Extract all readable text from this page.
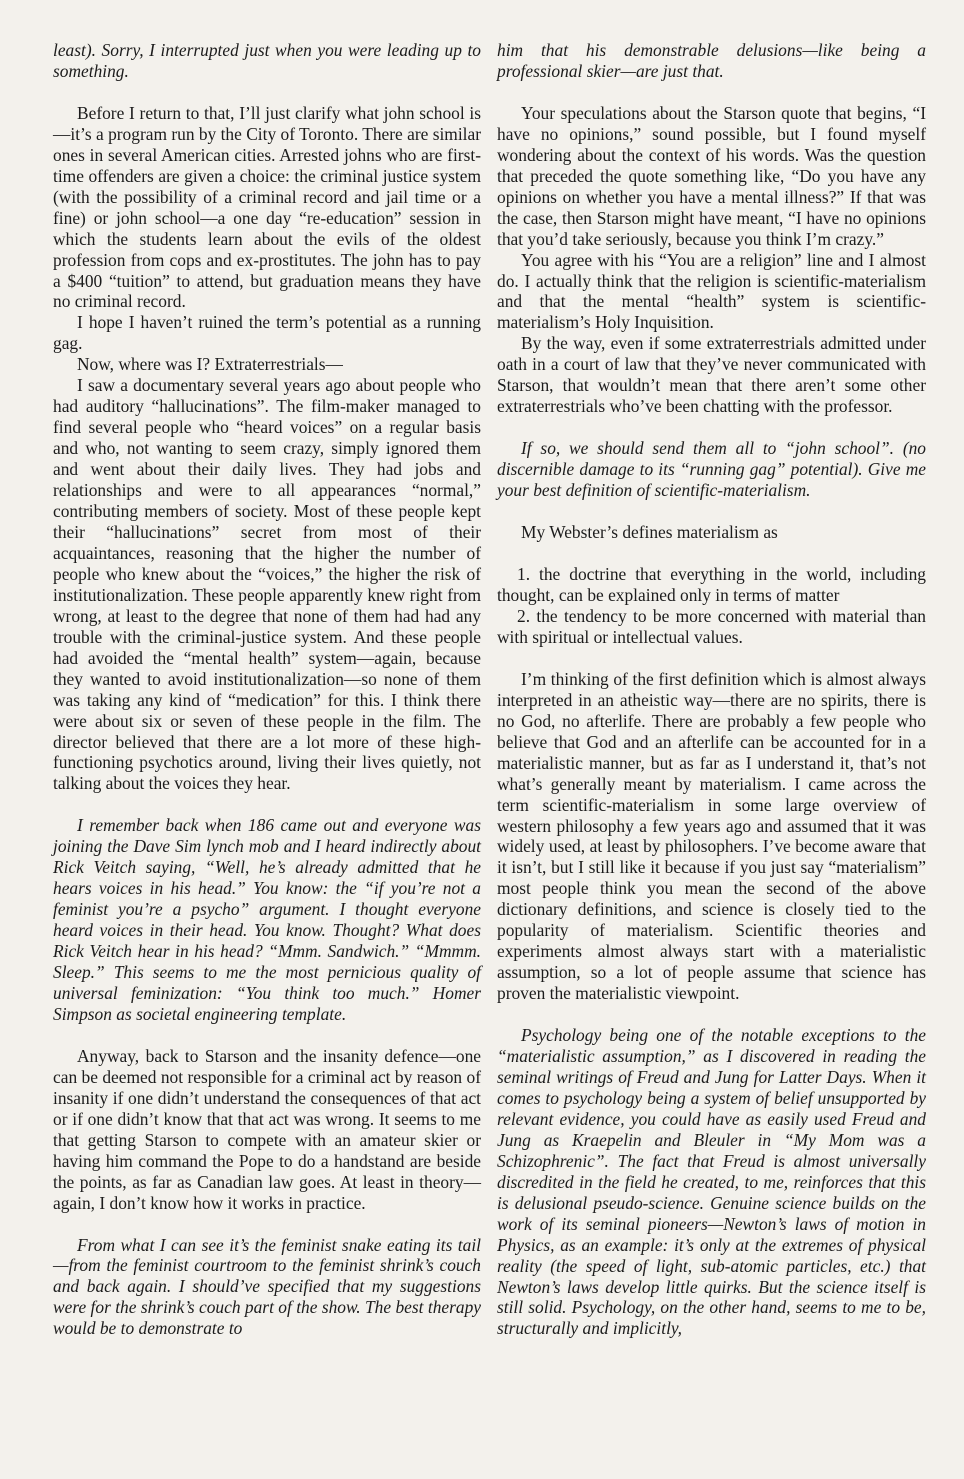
least). Sorry, I interrupted just when you were leading up to something.

Before I return to that, I’ll just clarify what john school is—it’s a program run by the City of Toronto. There are similar ones in several American cities. Arrested johns who are first-time offenders are given a choice: the criminal justice system (with the possibility of a criminal record and jail time or a fine) or john school—a one day “re-education” session in which the students learn about the evils of the oldest profession from cops and ex-prostitutes. The john has to pay a $400 “tuition” to attend, but graduation means they have no criminal record.

I hope I haven’t ruined the term’s potential as a running gag.

Now, where was I? Extraterrestrials—

I saw a documentary several years ago about people who had auditory “hallucinations”. The film-maker managed to find several people who “heard voices” on a regular basis and who, not wanting to seem crazy, simply ignored them and went about their daily lives. They had jobs and relationships and were to all appearances “normal,” contributing members of society. Most of these people kept their “hallucinations” secret from most of their acquaintances, reasoning that the higher the number of people who knew about the “voices,” the higher the risk of institutionalization. These people apparently knew right from wrong, at least to the degree that none of them had had any trouble with the criminal-justice system. And these people had avoided the “mental health” system—again, because they wanted to avoid institutionalization—so none of them was taking any kind of “medication” for this. I think there were about six or seven of these people in the film. The director believed that there are a lot more of these high-functioning psychotics around, living their lives quietly, not talking about the voices they hear.

I remember back when 186 came out and everyone was joining the Dave Sim lynch mob and I heard indirectly about Rick Veitch saying, “Well, he’s already admitted that he hears voices in his head.” You know: the “if you’re not a feminist you’re a psycho” argument. I thought everyone heard voices in their head. You know. Thought? What does Rick Veitch hear in his head? “Mmm. Sandwich.” “Mmmm. Sleep.” This seems to me the most pernicious quality of universal feminization: “You think too much.” Homer Simpson as societal engineering template.

Anyway, back to Starson and the insanity defence—one can be deemed not responsible for a criminal act by reason of insanity if one didn’t understand the consequences of that act or if one didn’t know that that act was wrong. It seems to me that getting Starson to compete with an amateur skier or having him command the Pope to do a handstand are beside the points, as far as Canadian law goes. At least in theory—again, I don’t know how it works in practice.

From what I can see it’s the feminist snake eating its tail—from the feminist courtroom to the feminist shrink’s couch and back again. I should’ve specified that my suggestions were for the shrink’s couch part of the show. The best therapy would be to demonstrate to

him that his demonstrable delusions—like being a professional skier—are just that.

Your speculations about the Starson quote that begins, “I have no opinions,” sound possible, but I found myself wondering about the context of his words. Was the question that preceded the quote something like, “Do you have any opinions on whether you have a mental illness?” If that was the case, then Starson might have meant, “I have no opinions that you’d take seriously, because you think I’m crazy.”

You agree with his “You are a religion” line and I almost do. I actually think that the religion is scientific-materialism and that the mental “health” system is scientific-materialism’s Holy Inquisition.

By the way, even if some extraterrestrials admitted under oath in a court of law that they’ve never communicated with Starson, that wouldn’t mean that there aren’t some other extraterrestrials who’ve been chatting with the professor.

If so, we should send them all to “john school”. (no discernible damage to its “running gag” potential). Give me your best definition of scientific-materialism.

My Webster’s defines materialism as

1. the doctrine that everything in the world, including thought, can be explained only in terms of matter

2. the tendency to be more concerned with material than with spiritual or intellectual values.

I’m thinking of the first definition which is almost always interpreted in an atheistic way—there are no spirits, there is no God, no afterlife. There are probably a few people who believe that God and an afterlife can be accounted for in a materialistic manner, but as far as I understand it, that’s not what’s generally meant by materialism. I came across the term scientific-materialism in some large overview of western philosophy a few years ago and assumed that it was widely used, at least by philosophers. I’ve become aware that it isn’t, but I still like it because if you just say “materialism” most people think you mean the second of the above dictionary definitions, and science is closely tied to the popularity of materialism. Scientific theories and experiments almost always start with a materialistic assumption, so a lot of people assume that science has proven the materialistic viewpoint.

Psychology being one of the notable exceptions to the “materialistic assumption,” as I discovered in reading the seminal writings of Freud and Jung for Latter Days. When it comes to psychology being a system of belief unsupported by relevant evidence, you could have as easily used Freud and Jung as Kraepelin and Bleuler in “My Mom was a Schizophrenic”. The fact that Freud is almost universally discredited in the field he created, to me, reinforces that this is delusional pseudo-science. Genuine science builds on the work of its seminal pioneers—Newton’s laws of motion in Physics, as an example: it’s only at the extremes of physical reality (the speed of light, sub-atomic particles, etc.) that Newton’s laws develop little quirks. But the science itself is still solid. Psychology, on the other hand, seems to me to be, structurally and implicitly,
